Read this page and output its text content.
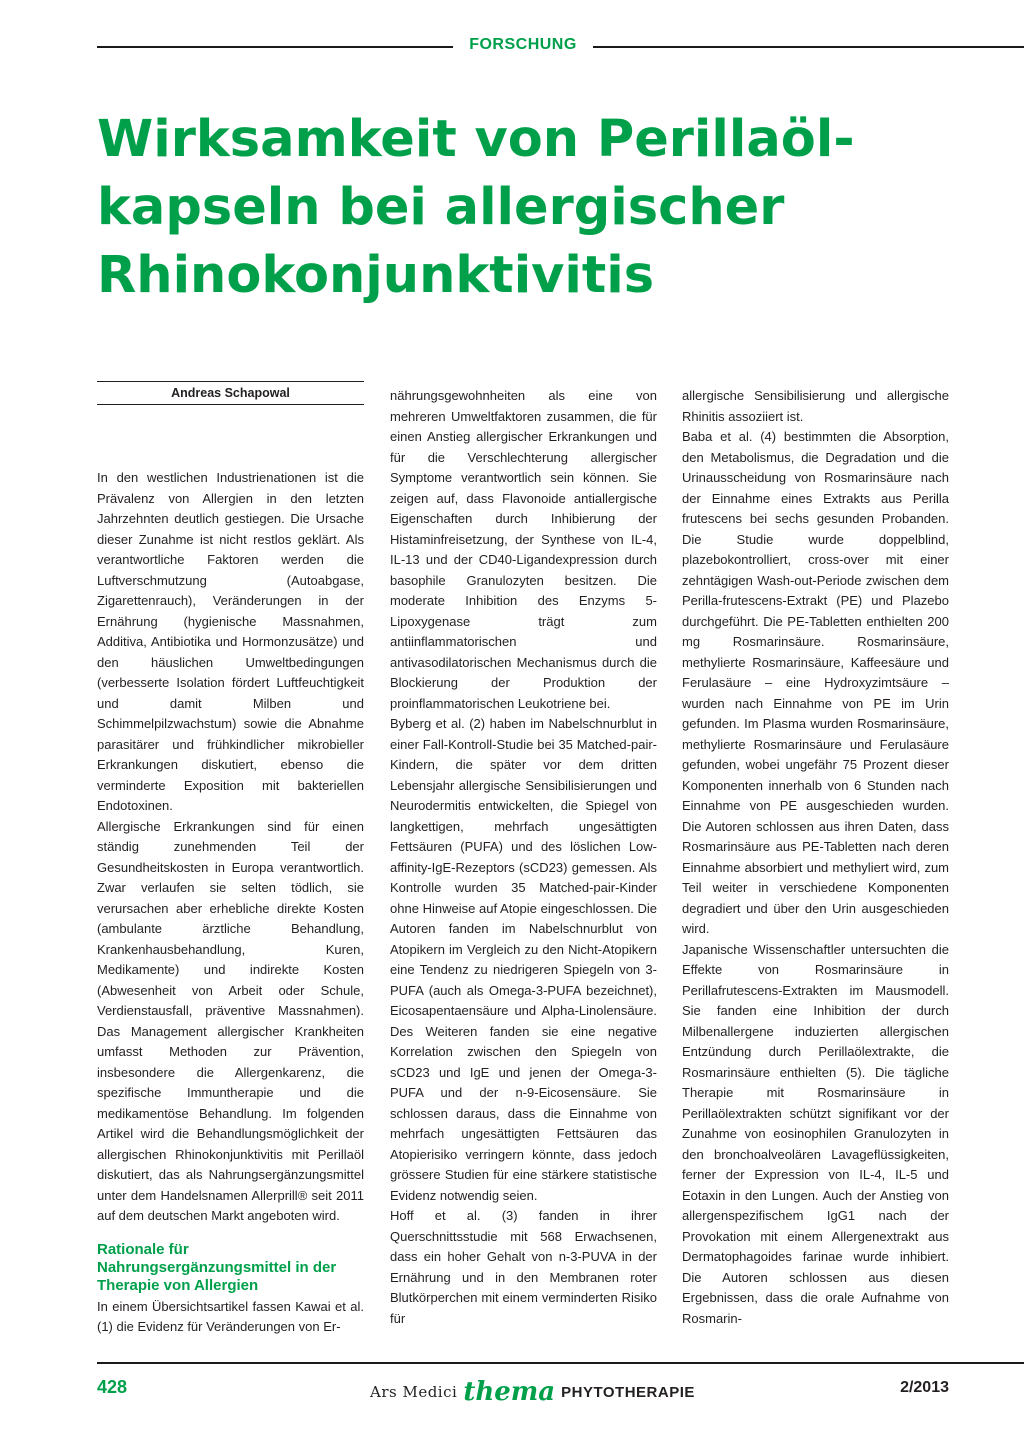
FORSCHUNG
Wirksamkeit von Perillaöl-
kapseln bei allergischer
Rhinokonjunktivitis
Andreas Schapowal

In den westlichen Industrienationen ist die Prävalenz von Allergien in den letzten Jahrzehnten deutlich gestiegen. Die Ursache dieser Zunahme ist nicht restlos geklärt. Als verantwortliche Faktoren werden die Luftverschmutzung (Autoabgase, Zigarettenrauch), Veränderungen in der Ernährung (hygienische Massnahmen, Additiva, Antibiotika und Hormonzusätze) und den häuslichen Umweltbedingungen (verbesserte Isolation fördert Luftfeuchtigkeit und damit Milben und Schimmelpilzwachstum) sowie die Abnahme parasitärer und frühkindlicher mikrobieller Erkrankungen diskutiert, ebenso die verminderte Exposition mit bakteriellen Endotoxinen.

Allergische Erkrankungen sind für einen ständig zunehmenden Teil der Gesundheitskosten in Europa verantwortlich. Zwar verlaufen sie selten tödlich, sie verursachen aber erhebliche direkte Kosten (ambulante ärztliche Behandlung, Krankenhausbehandlung, Kuren, Medikamente) und indirekte Kosten (Abwesenheit von Arbeit oder Schule, Verdienstausfall, präventive Massnahmen). Das Management allergischer Krankheiten umfasst Methoden zur Prävention, insbesondere die Allergenkarenz, die spezifische Immuntherapie und die medikamentöse Behandlung. Im folgenden Artikel wird die Behandlungsmöglichkeit der allergischen Rhinokonjunktivitis mit Perillaöl diskutiert, das als Nahrungsergänzungsmittel unter dem Handelsnamen Allerprill® seit 2011 auf dem deutschen Markt angeboten wird.

Rationale für Nahrungsergänzungsmittel in der Therapie von Allergien

In einem Übersichtsartikel fassen Kawai et al. (1) die Evidenz für Veränderungen von Er-

nährungsgewohnheiten als eine von mehreren Umweltfaktoren zusammen, die für einen Anstieg allergischer Erkrankungen und für die Verschlechterung allergischer Symptome verantwortlich sein können. Sie zeigen auf, dass Flavonoide antiallergische Eigenschaften durch Inhibierung der Histaminfreisetzung, der Synthese von IL-4, IL-13 und der CD40-Ligandexpression durch basophile Granulozyten besitzen. Die moderate Inhibition des Enzyms 5-Lipoxygenase trägt zum antiinflammatorischen und antivasodilatorischen Mechanismus durch die Blockierung der Produktion der proinflammatorischen Leukotriene bei.

Byberg et al. (2) haben im Nabelschnurblut in einer Fall-Kontroll-Studie bei 35 Matched-pair-Kindern, die später vor dem dritten Lebensjahr allergische Sensibilisierungen und Neurodermitis entwickelten, die Spiegel von langkettigen, mehrfach ungesättigten Fettsäuren (PUFA) und des löslichen Low-affinity-IgE-Rezeptors (sCD23) gemessen. Als Kontrolle wurden 35 Matched-pair-Kinder ohne Hinweise auf Atopie eingeschlossen. Die Autoren fanden im Nabelschnurblut von Atopikern im Vergleich zu den Nicht-Atopikern eine Tendenz zu niedrigeren Spiegeln von 3-PUFA (auch als Omega-3-PUFA bezeichnet), Eicosapentaensäure und Alpha-Linolensäure. Des Weiteren fanden sie eine negative Korrelation zwischen den Spiegeln von sCD23 und IgE und jenen der Omega-3-PUFA und der n-9-Eicosensäure. Sie schlossen daraus, dass die Einnahme von mehrfach ungesättigten Fettsäuren das Atopierisiko verringern könnte, dass jedoch grössere Studien für eine stärkere statistische Evidenz notwendig seien.

Hoff et al. (3) fanden in ihrer Querschnittsstudie mit 568 Erwachsenen, dass ein hoher Gehalt von n-3-PUVA in der Ernährung und in den Membranen roter Blutkörperchen mit einem verminderten Risiko für

allergische Sensibilisierung und allergische Rhinitis assoziiert ist.

Baba et al. (4) bestimmten die Absorption, den Metabolismus, die Degradation und die Urinausscheidung von Rosmarinsäure nach der Einnahme eines Extrakts aus Perilla frutescens bei sechs gesunden Probanden. Die Studie wurde doppelblind, plazebokontrolliert, cross-over mit einer zehntägigen Wash-out-Periode zwischen dem Perilla-frutescens-Extrakt (PE) und Plazebo durchgeführt. Die PE-Tabletten enthielten 200 mg Rosmarinsäure. Rosmarinsäure, methylierte Rosmarinsäure, Kaffeesäure und Ferulasäure – eine Hydroxyzimtsäure – wurden nach Einnahme von PE im Urin gefunden. Im Plasma wurden Rosmarinsäure, methylierte Rosmarinsäure und Ferulasäure gefunden, wobei ungefähr 75 Prozent dieser Komponenten innerhalb von 6 Stunden nach Einnahme von PE ausgeschieden wurden. Die Autoren schlossen aus ihren Daten, dass Rosmarinsäure aus PE-Tabletten nach deren Einnahme absorbiert und methyliert wird, zum Teil weiter in verschiedene Komponenten degradiert und über den Urin ausgeschieden wird.

Japanische Wissenschaftler untersuchten die Effekte von Rosmarinsäure in Perillafrutescens-Extrakten im Mausmodell. Sie fanden eine Inhibition der durch Milbenallergene induzierten allergischen Entzündung durch Perillaölextrakte, die Rosmarinsäure enthielten (5). Die tägliche Therapie mit Rosmarinsäure in Perillaölextrakten schützt signifikant vor der Zunahme von eosinophilen Granulozyten in den bronchoalveolären Lavageflüssigkeiten, ferner der Expression von IL-4, IL-5 und Eotaxin in den Lungen. Auch der Anstieg von allergenspezifischem IgG1 nach der Provokation mit einem Allergenextrakt aus Dermatophagoides farinae wurde inhibiert. Die Autoren schlossen aus diesen Ergebnissen, dass die orale Aufnahme von Rosmarin-

428	Ars Medici thema PHYTOTHERAPIE	2/2013
